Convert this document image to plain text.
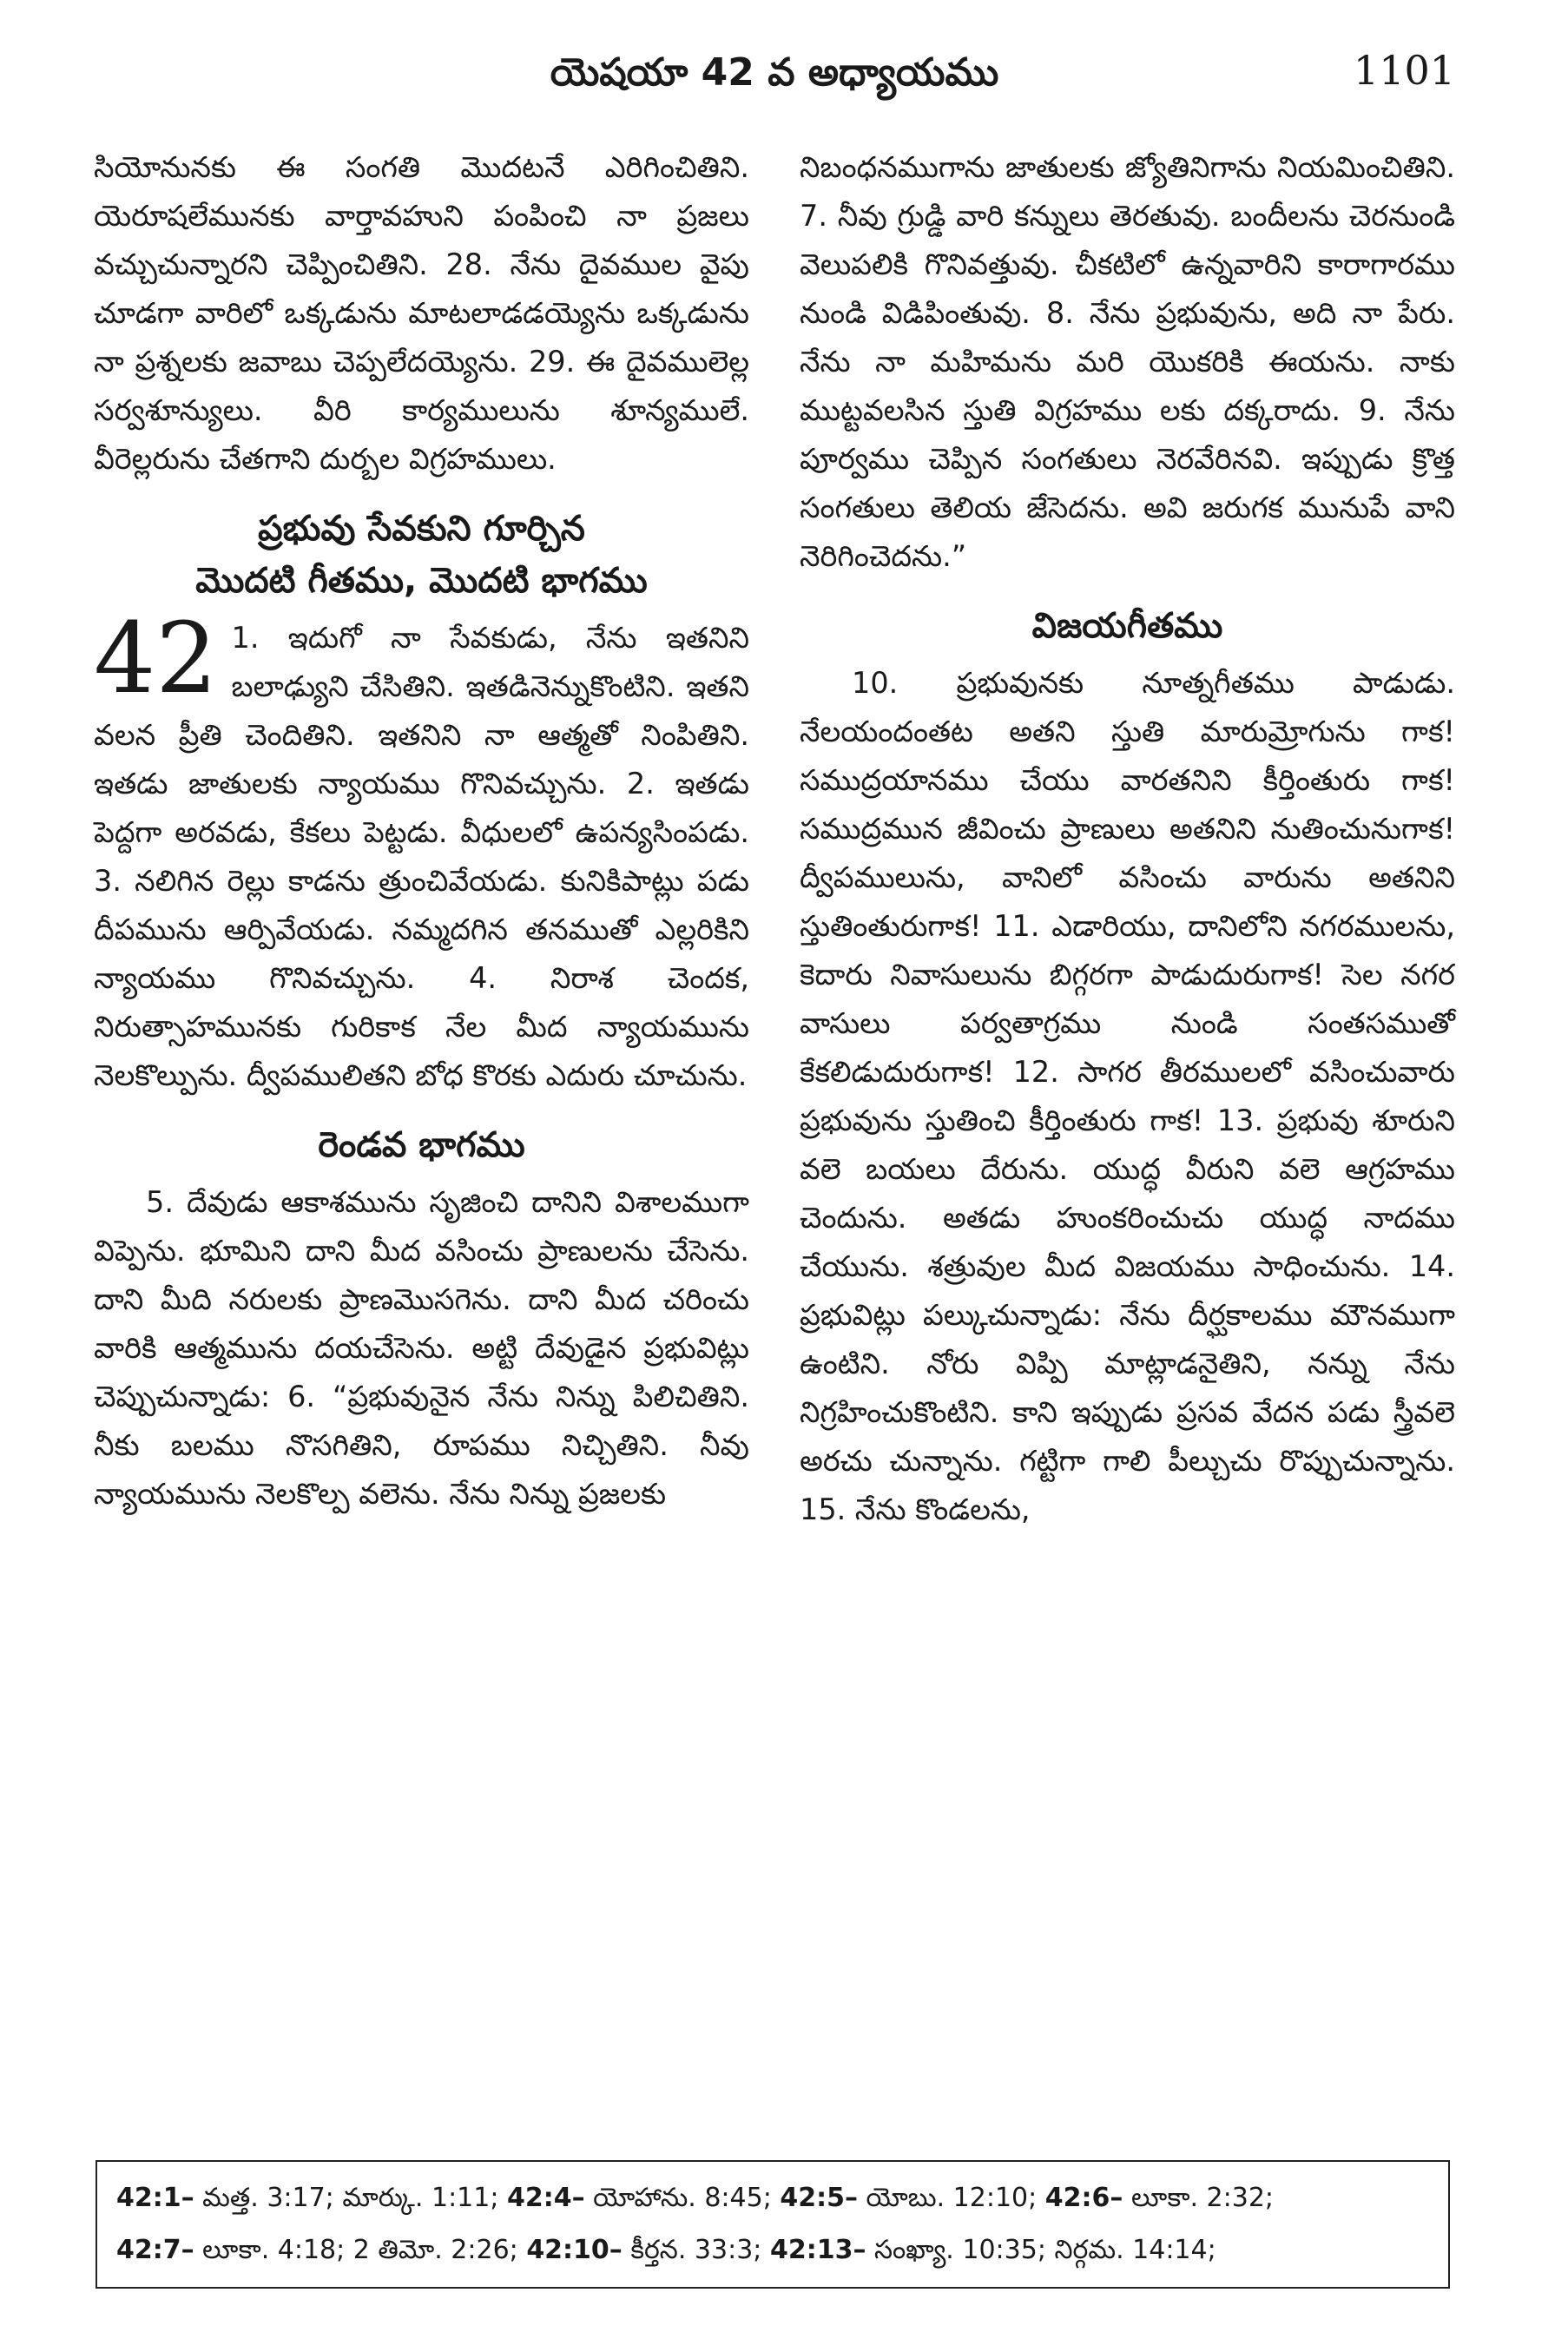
యెషయా 42 వ అధ్యాయము	1101

సియోనునకు ఈ సంగతి మొదటనే ఎరిగించితిని. యెరూషలేమునకు వార్తావహుని పంపించి నా ప్రజలు వచ్చుచున్నారని చెప్పించితిని. 28. నేను దైవముల వైపు చూడగా వారిలో ఒక్కడును మాటలాడడయ్యెను ఒక్కడును నా ప్రశ్నలకు జవాబు చెప్పలేదయ్యెను. 29. ఈ దైవములెల్ల సర్వశూన్యులు. వీరి కార్యములును శూన్యములే. వీరెల్లరును చేతగాని దుర్బల విగ్రహములు.

ప్రభువు సేవకుని గూర్చిన
మొదటి గీతము, మొదటి భాగము

42 1. ఇదుగో నా సేవకుడు, నేను ఇతనిని బలాఢ్యుని చేసితిని. ఇతడినెన్నుకొంటిని. ఇతని వలన ప్రీతి చెందితిని. ఇతనిని నా ఆత్మతో నింపితిని. ఇతడు జాతులకు న్యాయము గొనివచ్చును. 2. ఇతడు పెద్దగా అరవడు, కేకలు పెట్టడు. వీధులలో ఉపన్యసింపడు. 3. నలిగిన రెల్లు కాడను త్రుంచివేయడు. కునికిపాట్లు పడు దీపమును ఆర్పివేయడు. నమ్మదగిన తనముతో ఎల్లరికిని న్యాయము గొనివచ్చును. 4. నిరాశ చెందక, నిరుత్సాహమునకు గురికాక నేల మీద న్యాయమును నెలకొల్పును. ద్వీపములితని బోధ కొరకు ఎదురు చూచును.

రెండవ భాగము

5. దేవుడు ఆకాశమును సృజించి దానిని విశాలముగా విప్పెను. భూమిని దాని మీద వసించు ప్రాణులను చేసెను. దాని మీది నరులకు ప్రాణమొసగెను. దాని మీద చరించు వారికి ఆత్మమును దయచేసెను. అట్టి దేవుడైన ప్రభువిట్లు చెప్పుచున్నాడు: 6. “ప్రభువునైన నేను నిన్ను పిలిచితిని. నీకు బలము నొసగితిని, రూపము నిచ్చితిని. నీవు న్యాయమును నెలకొల్ప వలెను. నేను నిన్ను ప్రజలకు

నిబంధనముగాను జాతులకు జ్యోతినిగాను నియమించితిని. 7. నీవు గ్రుడ్డి వారి కన్నులు తెరతువు. బందీలను చెరనుండి వెలుపలికి గొనివత్తువు. చీకటిలో ఉన్నవారిని కారాగారము నుండి విడిపింతువు. 8. నేను ప్రభువును, అది నా పేరు. నేను నా మహిమను మరి యొకరికి ఈయను. నాకు ముట్టవలసిన స్తుతి విగ్రహము లకు దక్కరాదు. 9. నేను పూర్వము చెప్పిన సంగతులు నెరవేరినవి. ఇప్పుడు క్రొత్త సంగతులు తెలియ జేసెదను. అవి జరుగక మునుపే వాని నెరిగించెదను.”

విజయగీతము

10. ప్రభువునకు నూత్నగీతము పాడుడు. నేలయందంతట అతని స్తుతి మారుమ్రోగును గాక! సముద్రయానము చేయు వారతనిని కీర్తింతురు గాక! సముద్రమున జీవించు ప్రాణులు అతనిని నుతించునుగాక! ద్వీపములును, వానిలో వసించు వారును అతనిని స్తుతింతురుగాక! 11. ఎడారియు, దానిలోని నగరములను, కెదారు నివాసులును బిగ్గరగా పాడుదురుగాక! సెల నగర వాసులు పర్వతాగ్రము నుండి సంతసముతో కేకలిడుదురుగాక! 12. సాగర తీరములలో వసించువారు ప్రభువును స్తుతించి కీర్తింతురు గాక! 13. ప్రభువు శూరుని వలె బయలు దేరును. యుద్ధ వీరుని వలె ఆగ్రహము చెందును. అతడు హుంకరించుచు యుద్ధ నాదము చేయును. శత్రువుల మీద విజయము సాధించును. 14. ప్రభువిట్లు పల్కుచున్నాడు: నేను దీర్ఘకాలము మౌనముగా ఉంటిని. నోరు విప్పి మాట్లాడనైతిని, నన్ను నేను నిగ్రహించుకొంటిని. కాని ఇప్పుడు ప్రసవ వేదన పడు స్త్రీవలె అరచు చున్నాను. గట్టిగా గాలి పీల్చుచు రొప్పుచున్నాను. 15. నేను కొండలను,

42:1– మత్త. 3:17; మార్కు. 1:11; 42:4– యోహాను. 8:45; 42:5– యోబు. 12:10; 42:6– లూకా. 2:32;
42:7– లూకా. 4:18; 2 తిమో. 2:26; 42:10– కీర్తన. 33:3; 42:13– సంఖ్యా. 10:35; నిర్గమ. 14:14;
